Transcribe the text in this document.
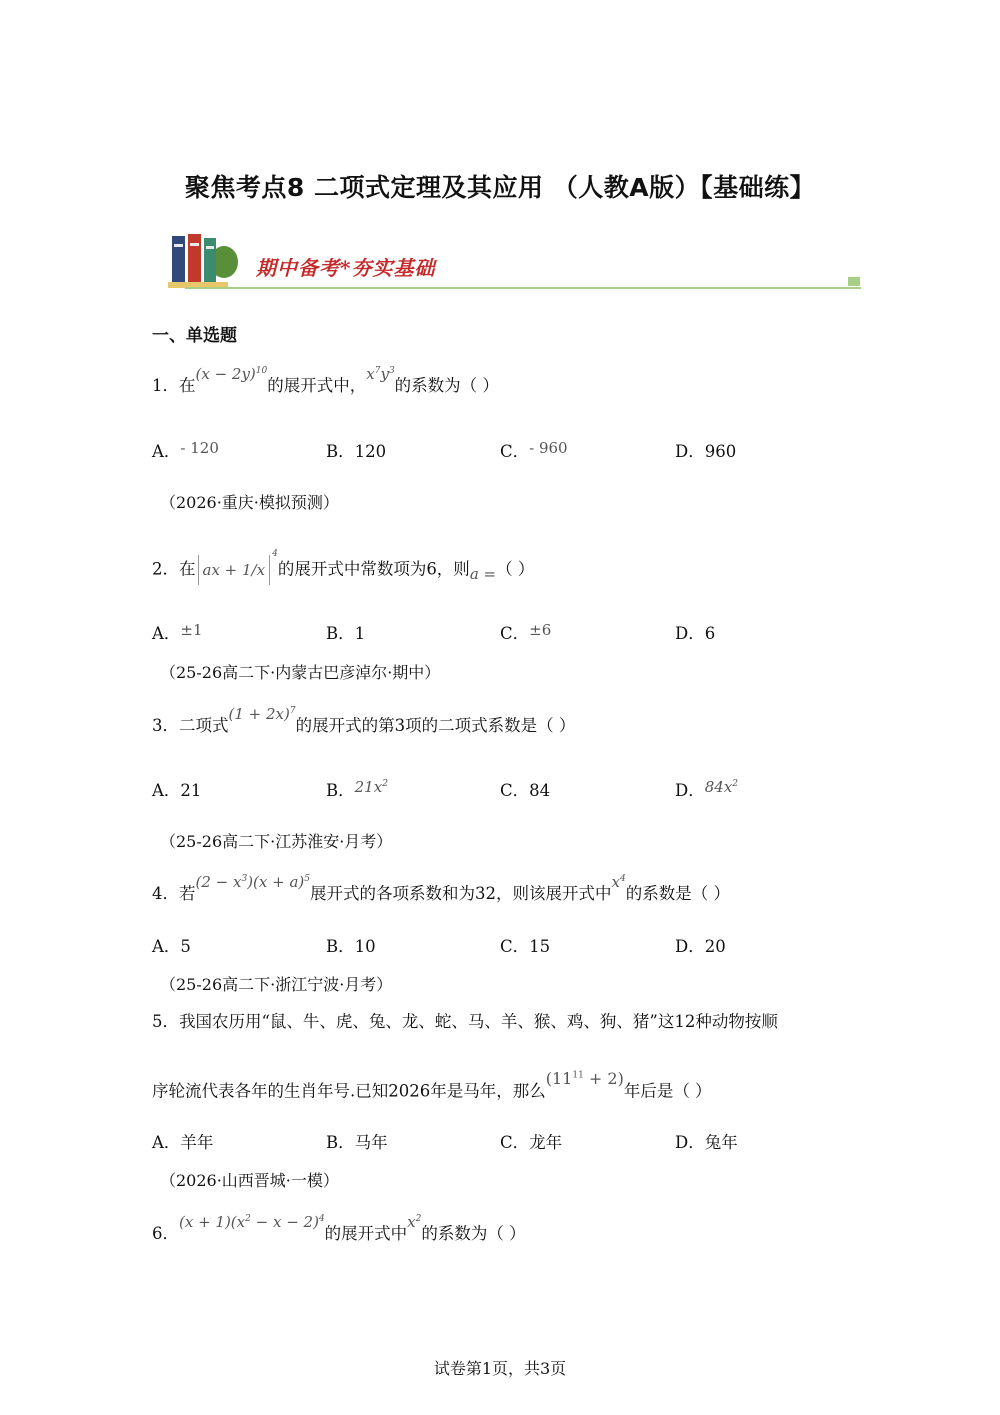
聚焦考点8 二项式定理及其应用 （人教A版）【基础练】
期中备考*夯实基础
一、单选题
1．在$(x - 2y)^{10}$的展开式中，$x^7y^3$的系数为（ ）
A．- 120	B．120	C．- 960	D．960
（2026·重庆·模拟预测）
2．在 ax + $1/x^4$的展开式中常数项为6，则a =（ ）
A．±1	B．1	C．±6	D．6
（25-26高二下·内蒙古巴彦淖尔·期中）
3．二项式$(1 + 2x)^7$的展开式的第3项的二项式系数是（ ）
A．21	B．$21x^2$	C．84	D．$84x^2$
（25-26高二下·江苏淮安·月考）
4．若$(2 - x^3)(x + a)^5$展开式的各项系数和为32，则该展开式中$x^4$的系数是（ ）
A．5	B．10	C．15	D．20
（25-26高二下·浙江宁波·月考）
5．我国农历用“鼠、牛、虎、兔、龙、蛇、马、羊、猴、鸡、狗、猪”这12种动物按顺
序轮流代表各年的生肖年号.已知2026年是马年，那么$(11^{11} + 2)$年后是（ ）
A．羊年	B．马年	C．龙年	D．兔年
（2026·山西晋城·一模）
6．$(x + 1)(x^2 - x - 2)^4$的展开式中$x^2$的系数为（ ）
试卷第1页，共3页
